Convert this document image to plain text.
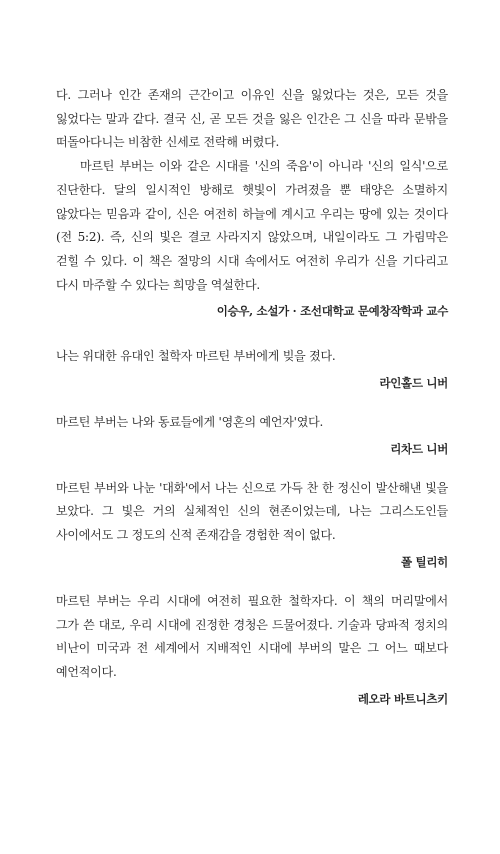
다. 그러나 인간 존재의 근간이고 이유인 신을 잃었다는 것은, 모든 것을 잃었다는 말과 같다. 결국 신, 곧 모든 것을 잃은 인간은 그 신을 따라 문밖을 떠돌아다니는 비참한 신세로 전락해 버렸다.

마르틴 부버는 이와 같은 시대를 '신의 죽음'이 아니라 '신의 일식'으로 진단한다. 달의 일시적인 방해로 햇빛이 가려졌을 뿐 태양은 소멸하지 않았다는 믿음과 같이, 신은 여전히 하늘에 계시고 우리는 땅에 있는 것이다(전 5:2). 즉, 신의 빛은 결코 사라지지 않았으며, 내일이라도 그 가림막은 걷힐 수 있다. 이 책은 절망의 시대 속에서도 여전히 우리가 신을 기다리고 다시 마주할 수 있다는 희망을 역설한다.

이승우, 소설가 · 조선대학교 문예창작학과 교수

나는 위대한 유대인 철학자 마르틴 부버에게 빚을 졌다.

라인홀드 니버

마르틴 부버는 나와 동료들에게 '영혼의 예언자'였다.

리차드 니버

마르틴 부버와 나눈 '대화'에서 나는 신으로 가득 찬 한 정신이 발산해낸 빛을 보았다. 그 빛은 거의 실체적인 신의 현존이었는데, 나는 그리스도인들 사이에서도 그 정도의 신적 존재감을 경험한 적이 없다.

폴 틸리히

마르틴 부버는 우리 시대에 여전히 필요한 철학자다. 이 책의 머리말에서 그가 쓴 대로, 우리 시대에 진정한 경청은 드물어졌다. 기술과 당파적 정치의 비난이 미국과 전 세계에서 지배적인 시대에 부버의 말은 그 어느 때보다 예언적이다.

레오라 바트니츠키
